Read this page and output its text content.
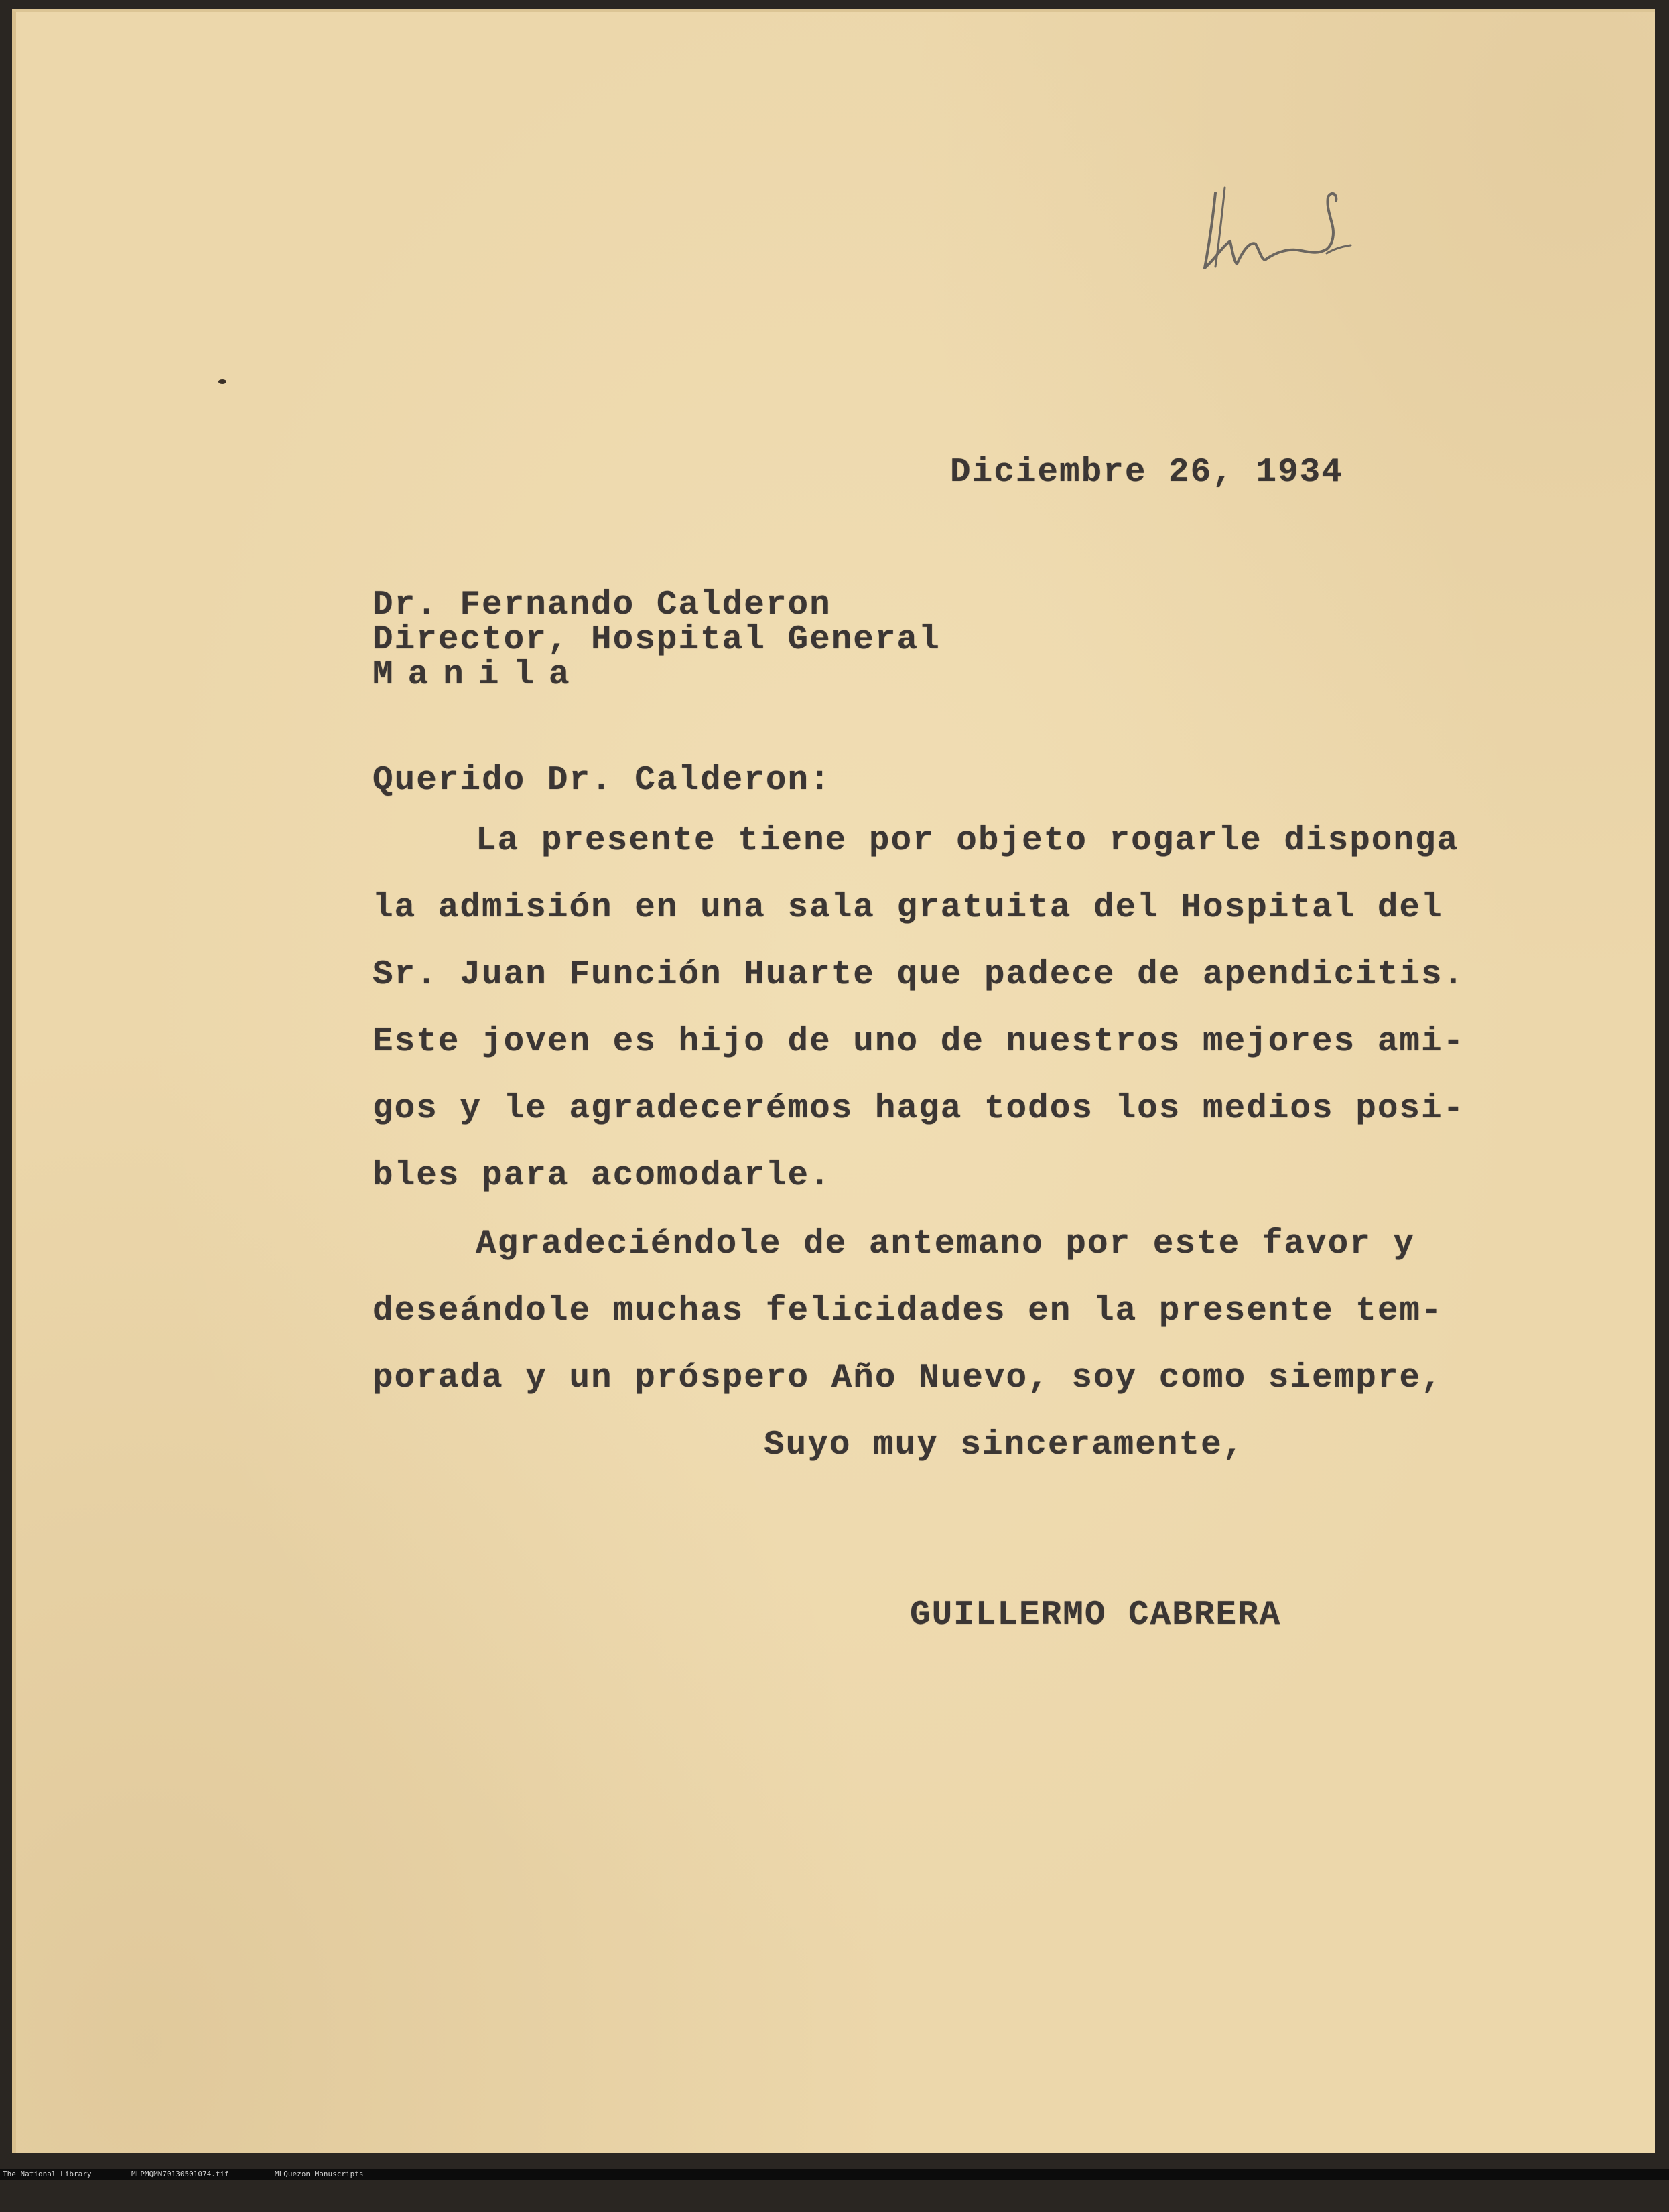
Diciembre 26, 1934
Dr. Fernando Calderon
Director, Hospital General
Manila
Querido Dr. Calderon:
La presente tiene por objeto rogarle disponga
la admisión en una sala gratuita del Hospital del
Sr. Juan Función Huarte que padece de apendicitis.
Este joven es hijo de uno de nuestros mejores ami-
gos y le agradecerémos haga todos los medios posi-
bles para acomodarle.
Agradeciéndole de antemano por este favor y
deseándole muchas felicidades en la presente tem-
porada y un próspero Año Nuevo, soy como siempre,
Suyo muy sinceramente,
GUILLERMO CABRERA

The National Library

	MLPMQMN70130501074.tif

	MLQuezon Manuscripts
